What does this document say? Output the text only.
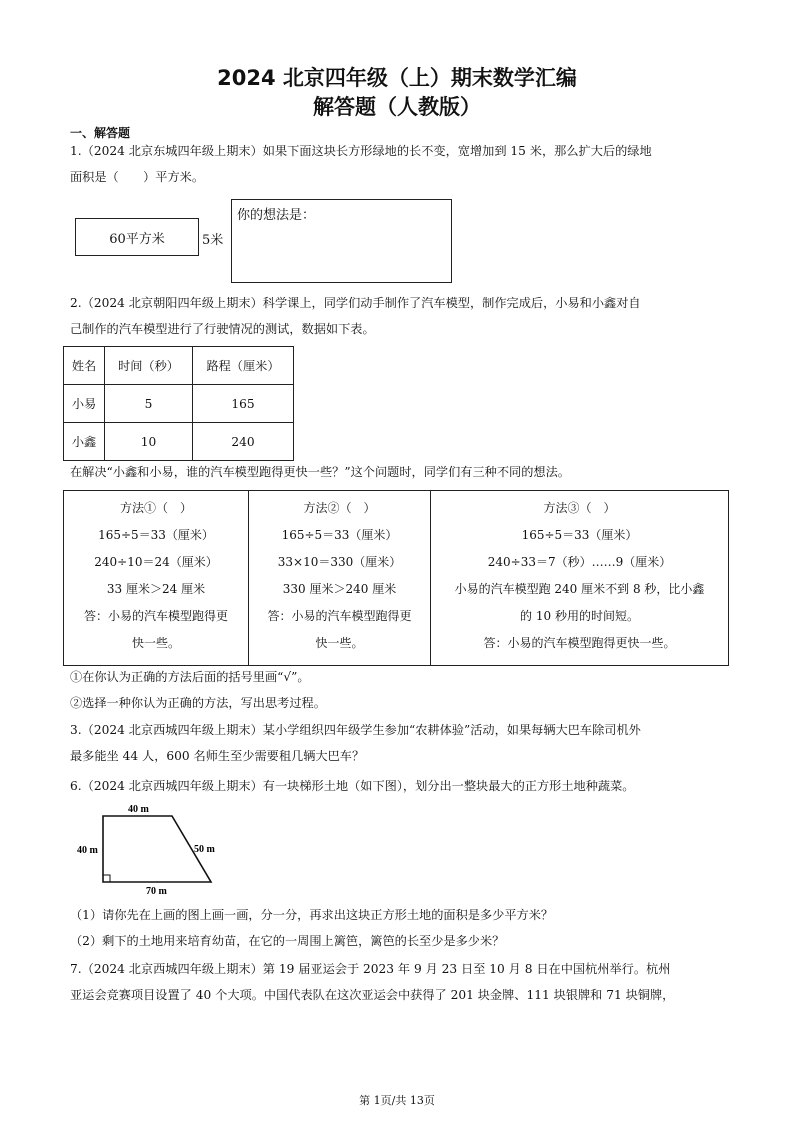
2024 北京四年级（上）期末数学汇编
解答题（人教版）
一、解答题
1.（2024 北京东城四年级上期末）如果下面这块长方形绿地的长不变，宽增加到 15 米，那么扩大后的绿地
面积是（　　）平方米。
60平方米	5米
你的想法是：
2.（2024 北京朝阳四年级上期末）科学课上，同学们动手制作了汽车模型，制作完成后，小易和小鑫对自
己制作的汽车模型进行了行驶情况的测试，数据如下表。
姓名	时间（秒）	路程（厘米）
小易	5	165
小鑫	10	240
在解决“小鑫和小易，谁的汽车模型跑得更快一些？”这个问题时，同学们有三种不同的想法。
方法①（　）
165÷5＝33（厘米）
240÷10＝24（厘米）
33 厘米＞24 厘米
答：小易的汽车模型跑得更
快一些。

方法②（　）
165÷5＝33（厘米）
33×10＝330（厘米）
330 厘米＞240 厘米
答：小易的汽车模型跑得更
快一些。

方法③（　）
165÷5＝33（厘米）
240÷33＝7（秒）……9（厘米）
小易的汽车模型跑 240 厘米不到 8 秒，比小鑫
的 10 秒用的时间短。
答：小易的汽车模型跑得更快一些。
①在你认为正确的方法后面的括号里画“√”。
②选择一种你认为正确的方法，写出思考过程。
3.（2024 北京西城四年级上期末）某小学组织四年级学生参加“农耕体验”活动，如果每辆大巴车除司机外
最多能坐 44 人，600 名师生至少需要租几辆大巴车？
6.（2024 北京西城四年级上期末）有一块梯形土地（如下图），划分出一整块最大的正方形土地种蔬菜。
40 m
40 m	50 m
70 m
（1）请你先在上画的图上画一画，分一分，再求出这块正方形土地的面积是多少平方米？
（2）剩下的土地用来培育幼苗，在它的一周围上篱笆，篱笆的长至少是多少米？
7.（2024 北京西城四年级上期末）第 19 届亚运会于 2023 年 9 月 23 日至 10 月 8 日在中国杭州举行。杭州
亚运会竞赛项目设置了 40 个大项。中国代表队在这次亚运会中获得了 201 块金牌、111 块银牌和 71 块铜牌，
第 1页/共 13页
